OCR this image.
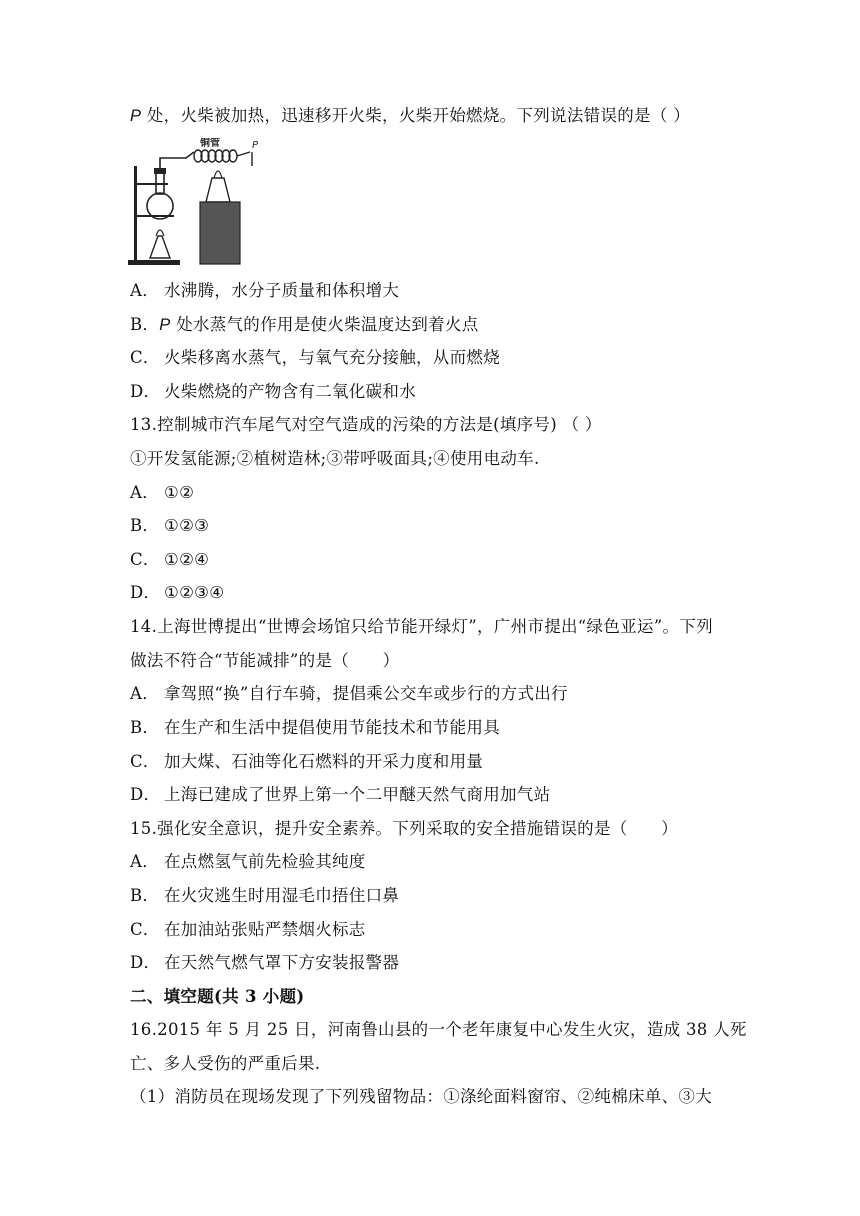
P 处，火柴被加热，迅速移开火柴，火柴开始燃烧。下列说法错误的是（ ）
铜管	P
A． 水沸腾，水分子质量和体积增大
B．P 处水蒸气的作用是使火柴温度达到着火点
C． 火柴移离水蒸气，与氧气充分接触，从而燃烧
D． 火柴燃烧的产物含有二氧化碳和水
13.控制城市汽车尾气对空气造成的污染的方法是(填序号) （ ）
①开发氢能源;②植树造林;③带呼吸面具;④使用电动车.
A． ①②
B． ①②③
C． ①②④
D． ①②③④
14.上海世博提出“世博会场馆只给节能开绿灯”，广州市提出“绿色亚运”。下列
做法不符合“节能减排”的是（　　）
A． 拿驾照“换”自行车骑，提倡乘公交车或步行的方式出行
B． 在生产和生活中提倡使用节能技术和节能用具
C． 加大煤、石油等化石燃料的开采力度和用量
D． 上海已建成了世界上第一个二甲醚天然气商用加气站
15.强化安全意识，提升安全素养。下列采取的安全措施错误的是（　　）
A． 在点燃氢气前先检验其纯度
B． 在火灾逃生时用湿毛巾捂住口鼻
C． 在加油站张贴严禁烟火标志
D． 在天然气燃气罩下方安装报警器
二、填空题(共 3 小题)
16.2015 年 5 月 25 日，河南鲁山县的一个老年康复中心发生火灾，造成 38 人死
亡、多人受伤的严重后果.
（1）消防员在现场发现了下列残留物品：①涤纶面料窗帘、②纯棉床单、③大
